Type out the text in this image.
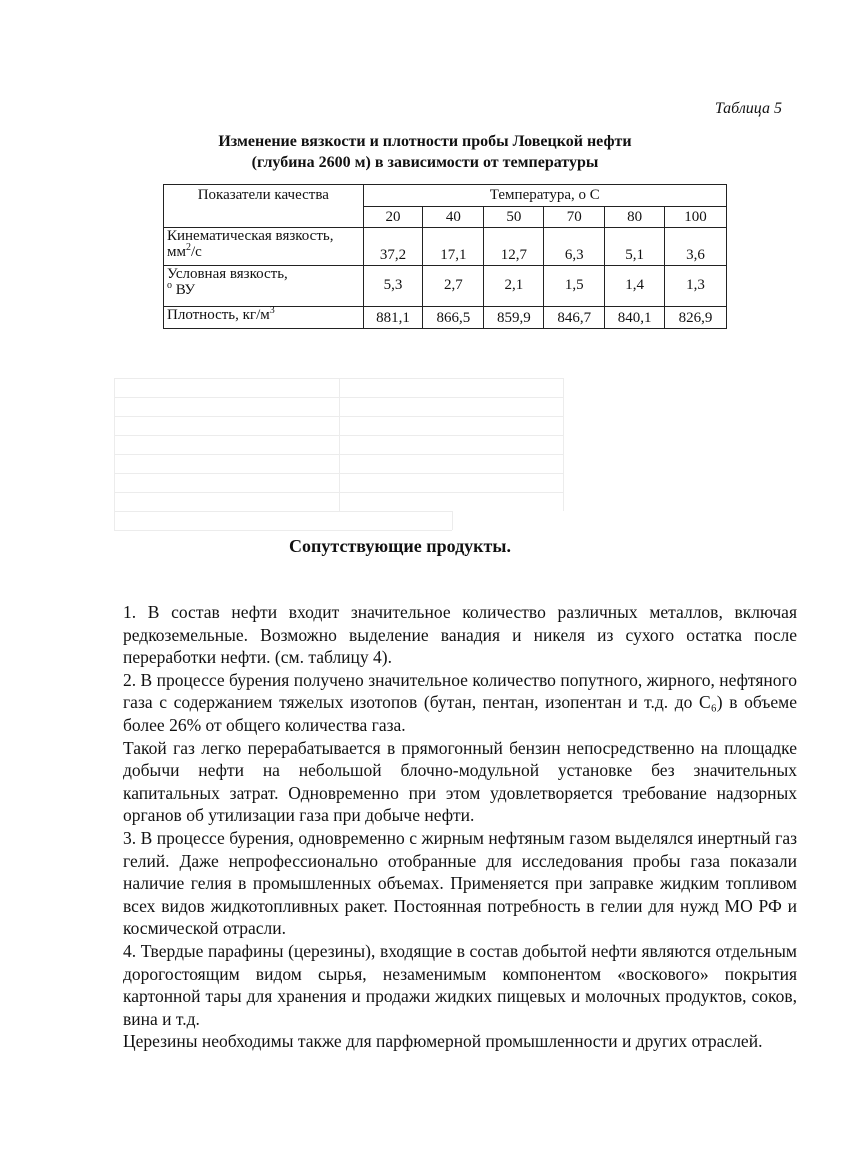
Таблица 5
Изменение вязкости и плотности пробы Ловецкой нефти
(глубина 2600 м) в зависимости от температуры
Показатели качества	Температура, о С					
	20	40	50	70	80	100
Кинематическая вязкость,
$мм^2/с$	37,2	17,1	12,7	6,3	5,1	3,6
Условная вязкость,
$^о$ ВУ	5,3	2,7	2,1	1,5	1,4	1,3
Плотность, $кг/м^3$	881,1	866,5	859,9	846,7	840,1	826,9
Сопутствующие продукты.

1. В состав нефти входит значительное количество различных металлов, включая редкоземельные. Возможно выделение ванадия и никеля из сухого остатка после переработки нефти. (см. таблицу 4).

2. В процессе бурения получено значительное количество попутного, жирного, нефтяного газа с содержанием тяжелых изотопов (бутан, пентан, изопентан и т.д. до С₆) в объеме более 26% от общего количества газа.

Такой газ легко перерабатывается в прямогонный бензин непосредственно на площадке добычи нефти на небольшой блочно-модульной установке без значительных капитальных затрат. Одновременно при этом удовлетворяется требование надзорных органов об утилизации газа при добыче нефти.

3. В процессе бурения, одновременно с жирным нефтяным газом выделялся инертный газ гелий. Даже непрофессионально отобранные для исследования пробы газа показали наличие гелия в промышленных объемах. Применяется при заправке жидким топливом всех видов жидкотопливных ракет. Постоянная потребность в гелии для нужд МО РФ и космической отрасли.

4. Твердые парафины (церезины), входящие в состав добытой нефти являются отдельным дорогостоящим видом сырья, незаменимым компонентом «воскового» покрытия картонной тары для хранения и продажи жидких пищевых и молочных продуктов, соков, вина и т.д.

Церезины необходимы также для парфюмерной промышленности и других отраслей.
